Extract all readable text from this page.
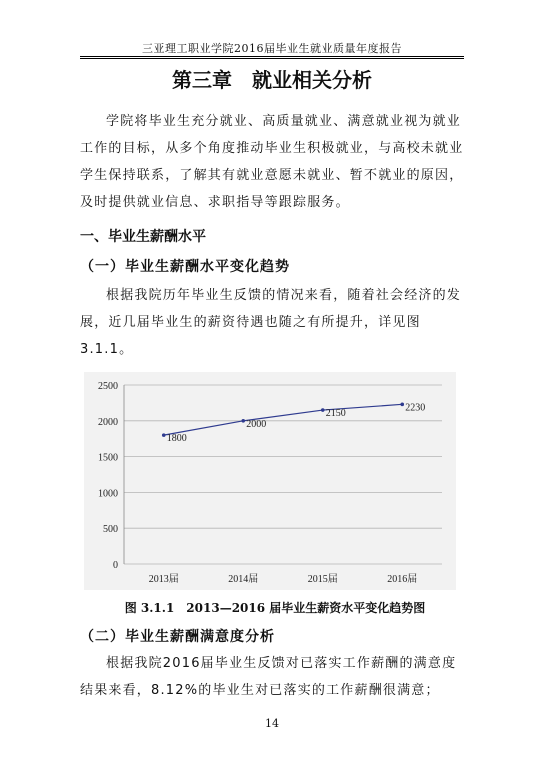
三亚理工职业学院2016届毕业生就业质量年度报告
第三章　就业相关分析

学院将毕业生充分就业、高质量就业、满意就业视为就业工作的目标，从多个角度推动毕业生积极就业，与高校未就业学生保持联系，了解其有就业意愿未就业、暂不就业的原因，及时提供就业信息、求职指导等跟踪服务。

一、毕业生薪酬水平
（一）毕业生薪酬水平变化趋势

根据我院历年毕业生反馈的情况来看，随着社会经济的发展，近几届毕业生的薪资待遇也随之有所提升，详见图3.1.1。

0
500
1000
1500
2000
2500
2013届	2014届	2015届	2016届
1800
2000
2150
2230
图 3.1.1　2013—2016 届毕业生薪资水平变化趋势图
（二）毕业生薪酬满意度分析

根据我院2016届毕业生反馈对已落实工作薪酬的满意度结果来看，8.12%的毕业生对已落实的工作薪酬很满意；

14
